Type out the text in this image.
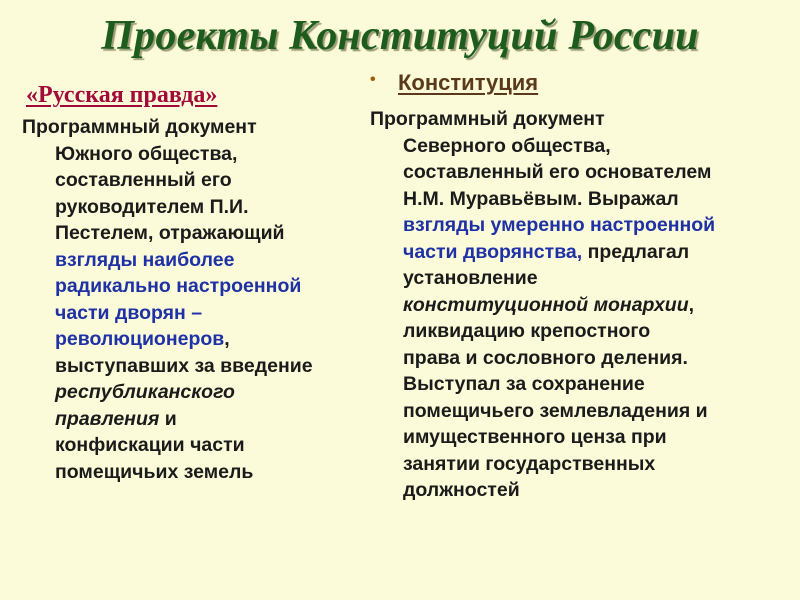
Проекты Конституций России
«Русская правда»
• Конституция
Программный документ
Южного общества,
составленный его
руководителем П.И.
Пестелем, отражающий
взгляды наиболее
радикально настроенной
части дворян –
революционеров,
выступавших за введение
республиканского
правления и
конфискации части
помещичьих земель
Программный документ
Северного общества,
составленный его основателем
Н.М. Муравьёвым. Выражал
взгляды умеренно настроенной
части дворянства, предлагал
установление
конституционной монархии,
ликвидацию крепостного
права и сословного деления.
Выступал за сохранение
помещичьего землевладения и
имущественного ценза при
занятии государственных
должностей
